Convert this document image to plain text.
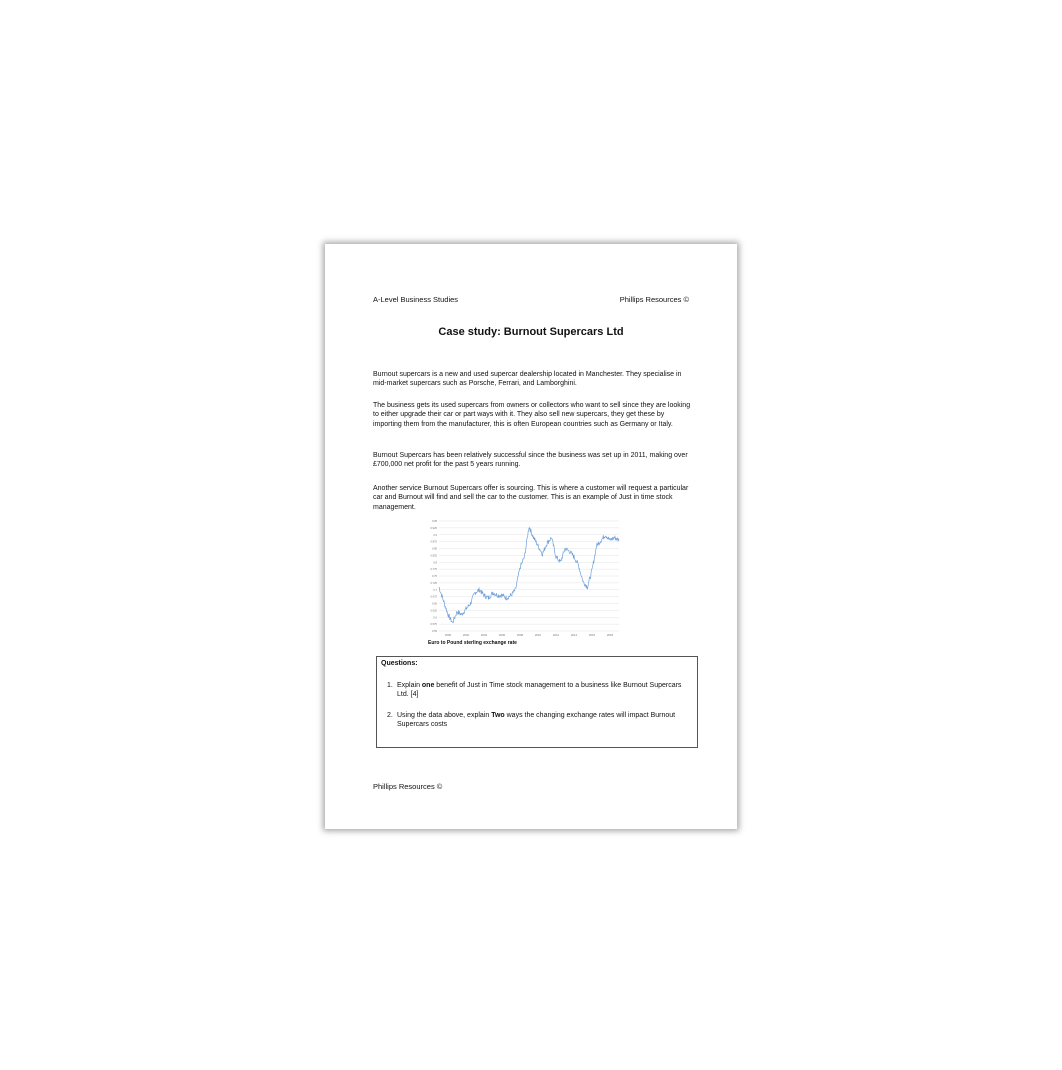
A-Level Business Studies	Phillips Resources ©
Case study: Burnout Supercars Ltd

Burnout supercars is a new and used supercar dealership located in Manchester. They specialise in mid-market supercars such as Porsche, Ferrari, and Lamborghini.

The business gets its used supercars from owners or collectors who want to sell since they are looking to either upgrade their car or part ways with it. They also sell new supercars, they get these by importing them from the manufacturer, this is often European countries such as Germany or Italy.

Burnout Supercars has been relatively successful since the business was set up in 2011, making over £700,000 net profit for the past 5 years running.

Another service Burnout Supercars offer is sourcing. This is where a customer will request a particular car and Burnout will find and sell the car to the customer. This is an example of Just in time stock management.

0.55
0.575
0.6
0.625
0.65
0.675
0.7
0.725
0.75
0.775
0.8
0.825
0.85
0.875
0.9
0.925
0.95
2000	2002	2004	2006	2008	2010	2012	2014	2016	2018
Euro to Pound sterling exchange rate
Questions:
1. Explain one benefit of Just in Time stock management to a business like Burnout Supercars Ltd. [4]
2. Using the data above, explain Two ways the changing exchange rates will impact Burnout Supercars costs
Phillips Resources ©
